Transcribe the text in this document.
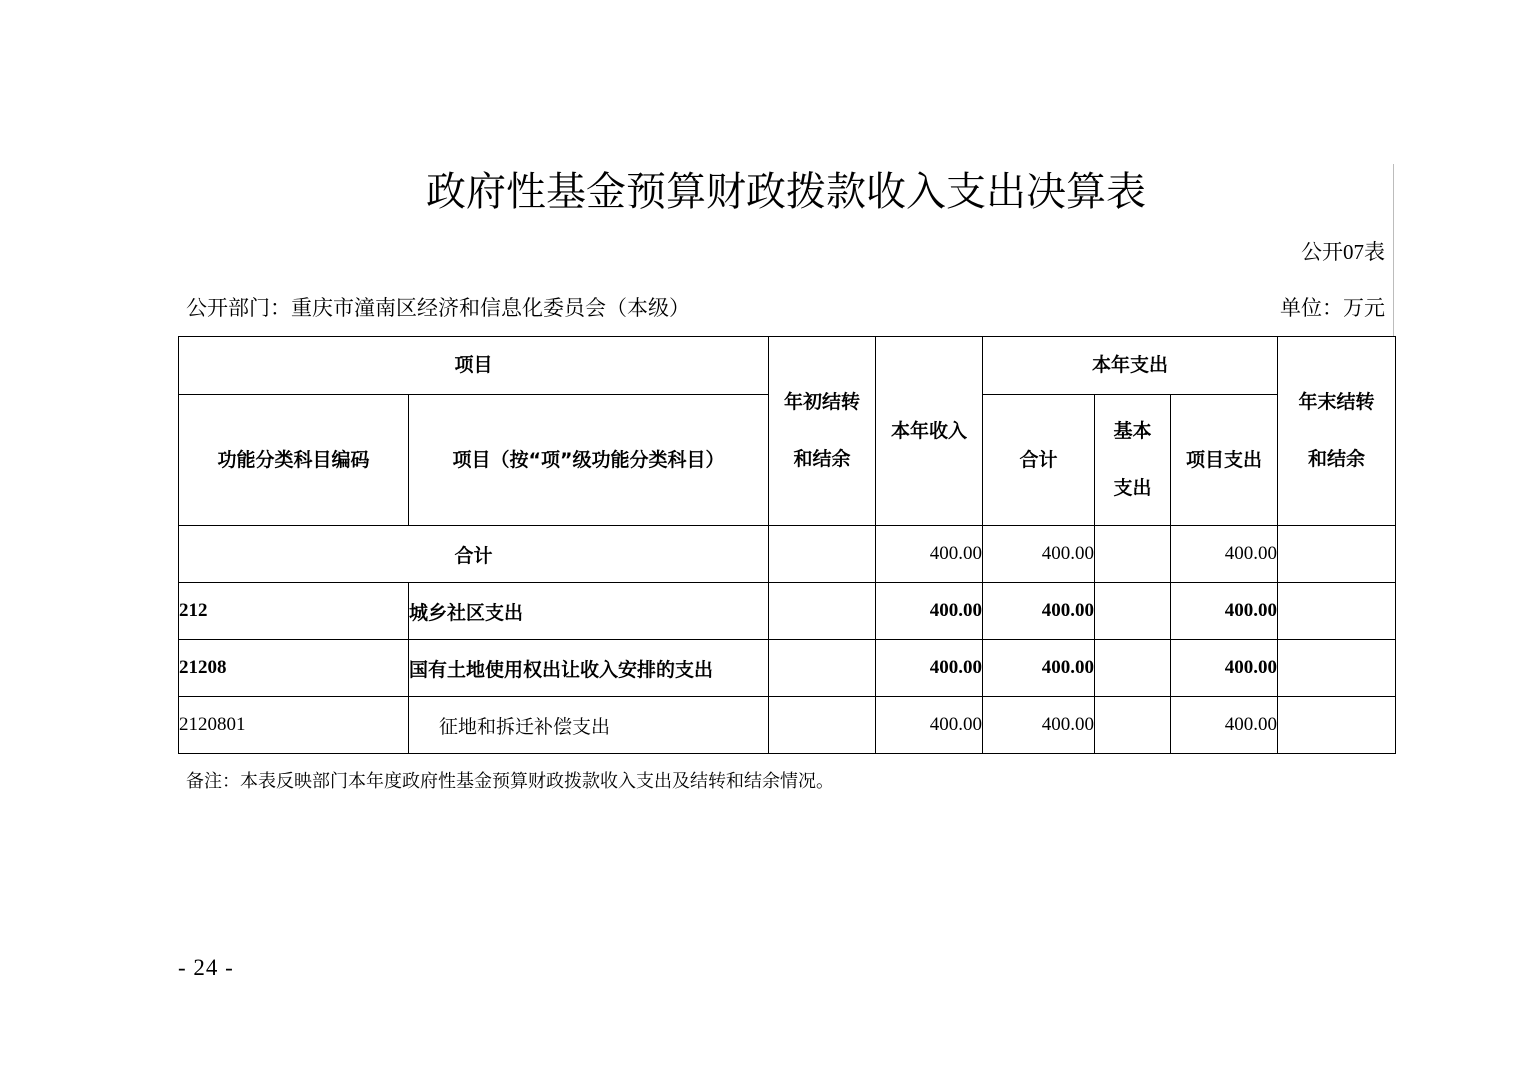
政府性基金预算财政拨款收入支出决算表
公开07表
公开部门：重庆市潼南区经济和信息化委员会（本级）	单位：万元
项目		年初结转和结余	本年收入	本年支出			年末结转和结余

功能分类科目编码	项目（按“项”级功能分类科目）			合计	基本支出	项目支出	
合计			400.00	400.00		400.00	
212	城乡社区支出		400.00	400.00		400.00	
21208	国有土地使用权出让收入安排的支出		400.00	400.00		400.00	
2120801	征地和拆迁补偿支出		400.00	400.00		400.00	
备注：本表反映部门本年度政府性基金预算财政拨款收入支出及结转和结余情况。
- 24 -
